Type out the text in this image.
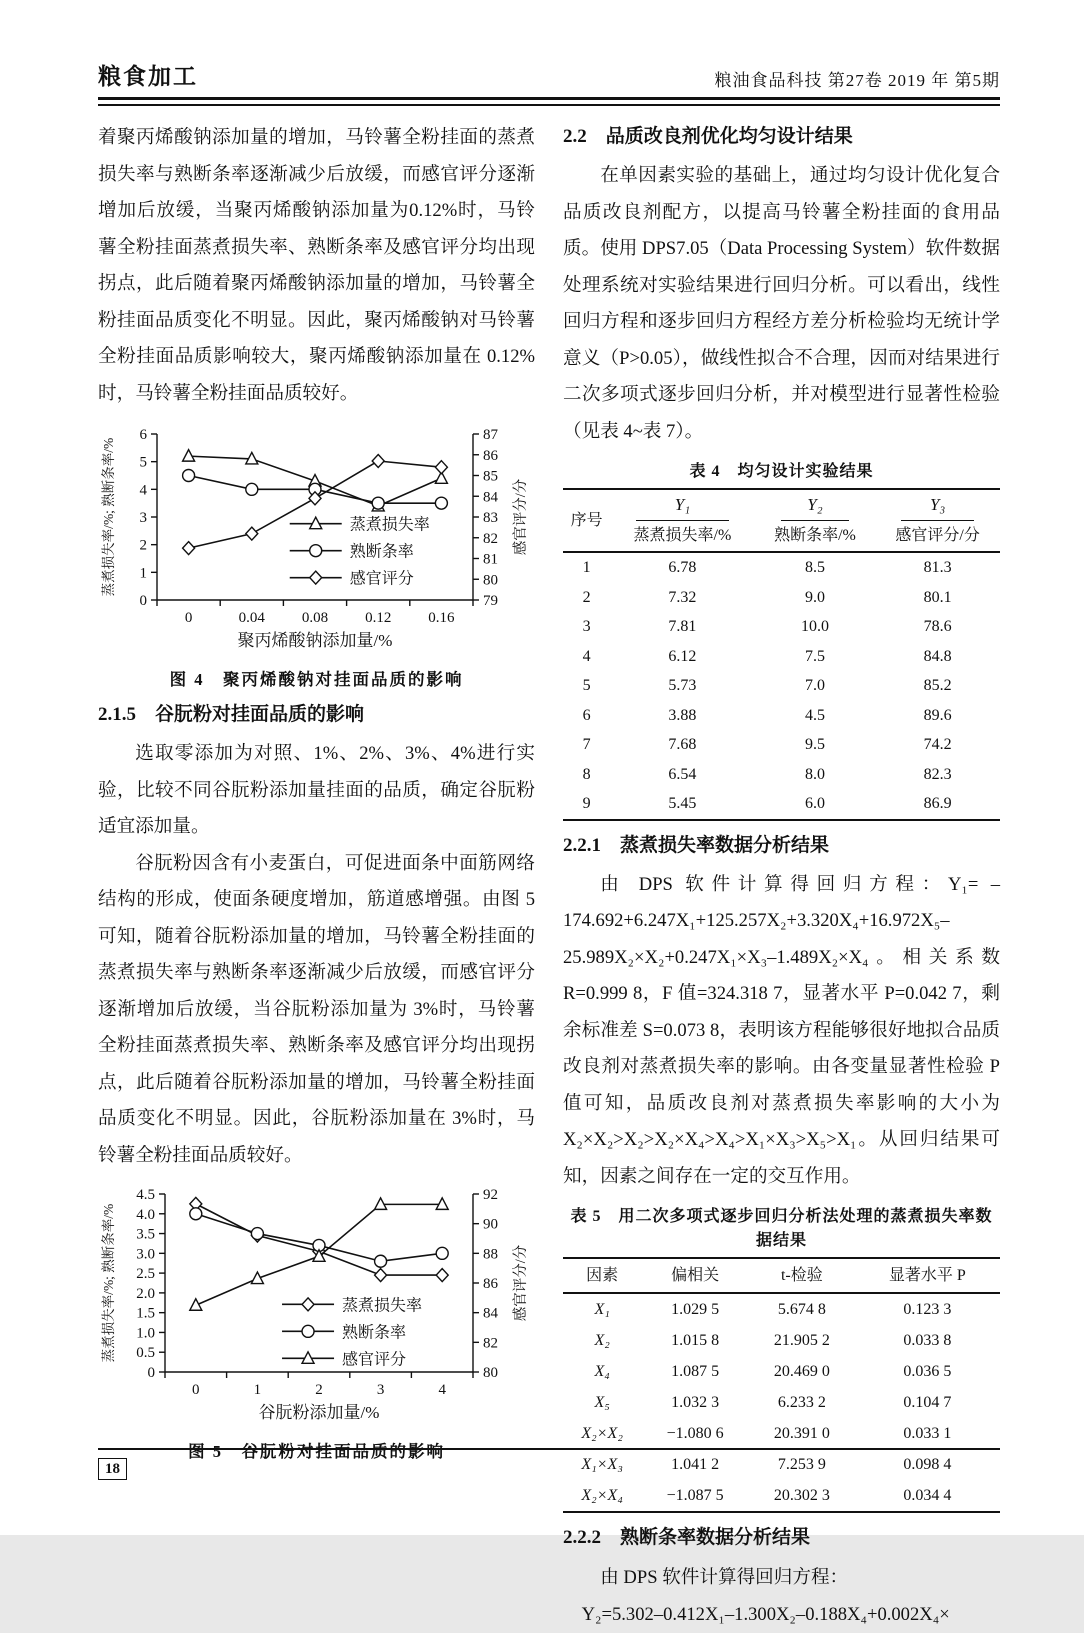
粮食加工	粮油食品科技 第27卷 2019 年 第5期

着聚丙烯酸钠添加量的增加，马铃薯全粉挂面的蒸煮损失率与熟断条率逐渐减少后放缓，而感官评分逐渐增加后放缓，当聚丙烯酸钠添加量为0.12%时，马铃薯全粉挂面蒸煮损失率、熟断条率及感官评分均出现拐点，此后随着聚丙烯酸钠添加量的增加，马铃薯全粉挂面品质变化不明显。因此，聚丙烯酸钠对马铃薯全粉挂面品质影响较大，聚丙烯酸钠添加量在 0.12%时，马铃薯全粉挂面品质较好。

0
1
2
3
4
5
6
79
80
81
82
83
84
85
86
87
0	0.04 0.08 0.12 0.16
蒸煮损失率
熟断条率
感官评分
聚丙烯酸钠添加量/%
蒸煮损失率/%; 熟断条率/%	感官评分/分
图 4　聚丙烯酸钠对挂面品质的影响
2.1.5　谷朊粉对挂面品质的影响

选取零添加为对照、1%、2%、3%、4%进行实验，比较不同谷朊粉添加量挂面的品质，确定谷朊粉适宜添加量。

谷朊粉因含有小麦蛋白，可促进面条中面筋网络结构的形成，使面条硬度增加，筋道感增强。由图 5 可知，随着谷朊粉添加量的增加，马铃薯全粉挂面的蒸煮损失率与熟断条率逐渐减少后放缓，而感官评分逐渐增加后放缓，当谷朊粉添加量为 3%时，马铃薯全粉挂面蒸煮损失率、熟断条率及感官评分均出现拐点，此后随着谷朊粉添加量的增加，马铃薯全粉挂面品质变化不明显。因此，谷朊粉添加量在 3%时，马铃薯全粉挂面品质较好。

0
0.5
1.0
1.5
2.0
2.5
3.0
3.5
4.0
4.5
80
82
84
86
88
90
92
0	1	2	3	4
蒸煮损失率
熟断条率
感官评分
谷朊粉添加量/%
蒸煮损失率/%; 熟断条率/%	感官评分/分
图 5　谷朊粉对挂面品质的影响
2.2　品质改良剂优化均匀设计结果

在单因素实验的基础上，通过均匀设计优化复合品质改良剂配方，以提高马铃薯全粉挂面的食用品质。使用 DPS7.05（Data Processing System）软件数据处理系统对实验结果进行回归分析。可以看出，线性回归方程和逐步回归方程经方差分析检验均无统计学意义（P>0.05），做线性拟合不合理，因而对结果进行二次多项式逐步回归分析，并对模型进行显著性检验（见表 4~表 7）。

表 4　均匀设计实验结果
序号	Y₁	Y₂	Y₃

	蒸煮损失率/%	熟断条率/%	感官评分/分
1	6.78	8.5	81.3
2	7.32	9.0	80.1
3	7.81	10.0	78.6
4	6.12	7.5	84.8
5	5.73	7.0	85.2
6	3.88	4.5	89.6
7	7.68	9.5	74.2
8	6.54	8.0	82.3
9	5.45	6.0	86.9
2.2.1　蒸煮损失率数据分析结果

由 DPS 软件计算得回归方程：Y₁= –174.692+6.247X₁+125.257X₂+3.320X₄+16.972X₅–25.989X₂×X₂+0.247X₁×X₃–1.489X₂×X₄。相关系数 R=0.999 8，F 值=324.318 7，显著水平 P=0.042 7，剩余标准差 S=0.073 8，表明该方程能够很好地拟合品质改良剂对蒸煮损失率的影响。由各变量显著性检验 P 值可知，品质改良剂对蒸煮损失率影响的大小为 X₂×X₂>X₂>X₂×X₄>X₄>X₁×X₃>X₅>X₁。从回归结果可知，因素之间存在一定的交互作用。

表 5　用二次多项式逐步回归分析法处理的蒸煮损失率数据结果
因素	偏相关	t-检验	显著水平 P
X₁	1.029 5	5.674 8	0.123 3
X₂	1.015 8	21.905 2	0.033 8
X₄	1.087 5	20.469 0	0.036 5
X₅	1.032 3	6.233 2	0.104 7
X₂×X₂	−1.080 6	20.391 0	0.033 1
X₁×X₃	1.041 2	7.253 9	0.098 4
X₂×X₄	−1.087 5	20.302 3	0.034 4
2.2.2　熟断条率数据分析结果

由 DPS 软件计算得回归方程：

Y₂=5.302–0.412X₁–1.300X₂–0.188X₄+0.002X₄×

18
